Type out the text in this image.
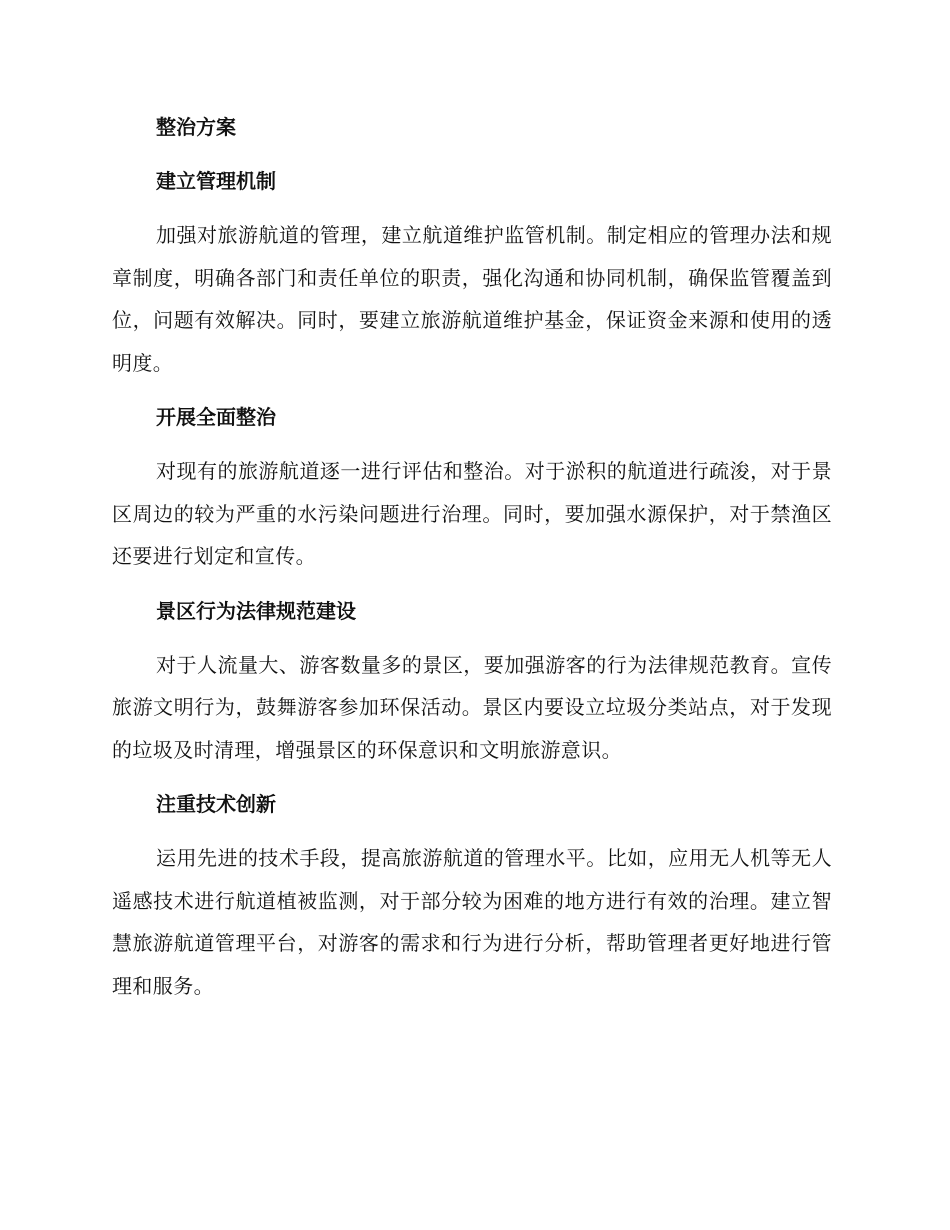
整治方案
建立管理机制

加强对旅游航道的管理，建立航道维护监管机制。制定相应的管理办法和规章制度，明确各部门和责任单位的职责，强化沟通和协同机制，确保监管覆盖到位，问题有效解决。同时，要建立旅游航道维护基金，保证资金来源和使用的透明度。

开展全面整治

对现有的旅游航道逐一进行评估和整治。对于淤积的航道进行疏浚，对于景区周边的较为严重的水污染问题进行治理。同时，要加强水源保护，对于禁渔区还要进行划定和宣传。

景区行为法律规范建设

对于人流量大、游客数量多的景区，要加强游客的行为法律规范教育。宣传旅游文明行为，鼓舞游客参加环保活动。景区内要设立垃圾分类站点，对于发现的垃圾及时清理，增强景区的环保意识和文明旅游意识。

注重技术创新

运用先进的技术手段，提高旅游航道的管理水平。比如，应用无人机等无人遥感技术进行航道植被监测，对于部分较为困难的地方进行有效的治理。建立智慧旅游航道管理平台，对游客的需求和行为进行分析，帮助管理者更好地进行管理和服务。
